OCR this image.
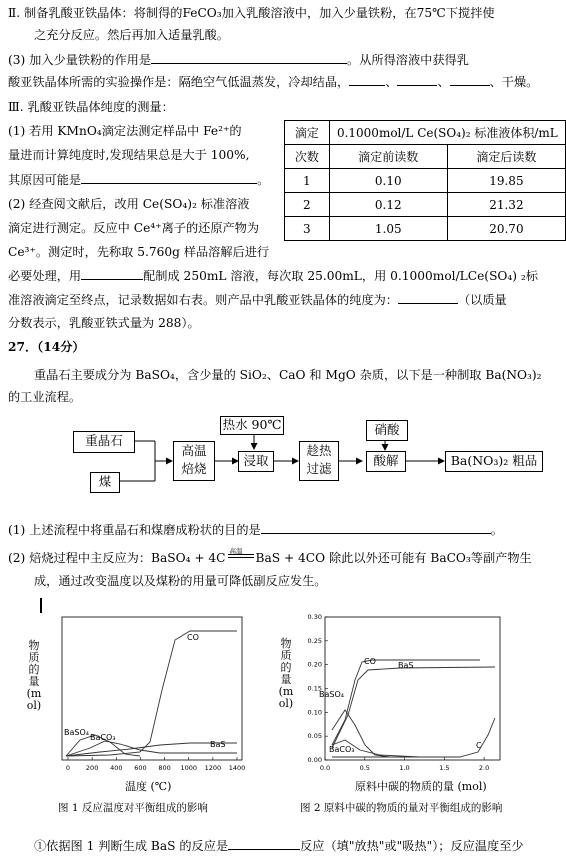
Ⅱ. 制备乳酸亚铁晶体：将制得的FeCO₃加入乳酸溶液中，加入少量铁粉，在75℃下搅拌使
之充分反应。然后再加入适量乳酸。
(3) 加入少量铁粉的作用是	。从所得溶液中获得乳
酸亚铁晶体所需的实验操作是：隔绝空气低温蒸发，冷却结晶，	、	、	、干燥。
Ⅲ. 乳酸亚铁晶体纯度的测量：
(1) 若用 KMnO₄滴定法测定样品中 Fe²⁺的
量进而计算纯度时,发现结果总是大于 100%,
其原因可能是	。
(2) 经查阅文献后，改用 Ce(SO₄)₂ 标准溶液
滴定进行测定。反应中 Ce⁴⁺离子的还原产物为
Ce³⁺。测定时，先称取 5.760g 样品溶解后进行
必要处理，用	配制成 250mL 溶液，每次取 25.00mL，用 0.1000mol/LCe(SO₄) ₂标
准溶液滴定至终点，记录数据如右表。则产品中乳酸亚铁晶体的纯度为：	（以质量
分数表示，乳酸亚铁式量为 288）。
滴定	0.1000mol/L Ce(SO₄)₂ 标准液体积/mL	
次数	滴定前读数	滴定后读数
1	0.10	19.85
2	0.12	21.32
3	1.05	20.70
27．（14分）
重晶石主要成分为 BaSO₄，含少量的 SiO₂、CaO 和 MgO 杂质，以下是一种制取 Ba(NO₃)₂
的工业流程。
重晶石
煤
高温
焙烧
热水 90℃
浸取
趁热
过滤
硝酸
酸解	Ba(NO₃)₂ 粗品
(1) 上述流程中将重晶石和煤磨成粉状的目的是	。
(2) 焙烧过程中主反应为：BaSO₄ + 4C 高温 BaS + 4CO 除此以外还可能有 BaCO₃等副产物生
成，通过改变温度以及煤粉的用量可降低副反应发生。
0 200 400 600 800 1000 1200 1400
CO
BaSO₄
BaCO₃
BaS
0.0	0.5	1.0	1.5	2.0
0.00
0.05
0.10
0.15
0.20
0.25
0.30
CO	BaS
BaSO₄
BaCO₃	C
物质的量(mol)
物质的量(mol)
温度 (℃)	原料中碳的物质的量 (mol)
图 1 反应温度对平衡组成的影响	图 2 原料中碳的物质的量对平衡组成的影响
①依据图 1 判断生成 BaS 的反应是	反应（填"放热"或"吸热"）；反应温度至少
